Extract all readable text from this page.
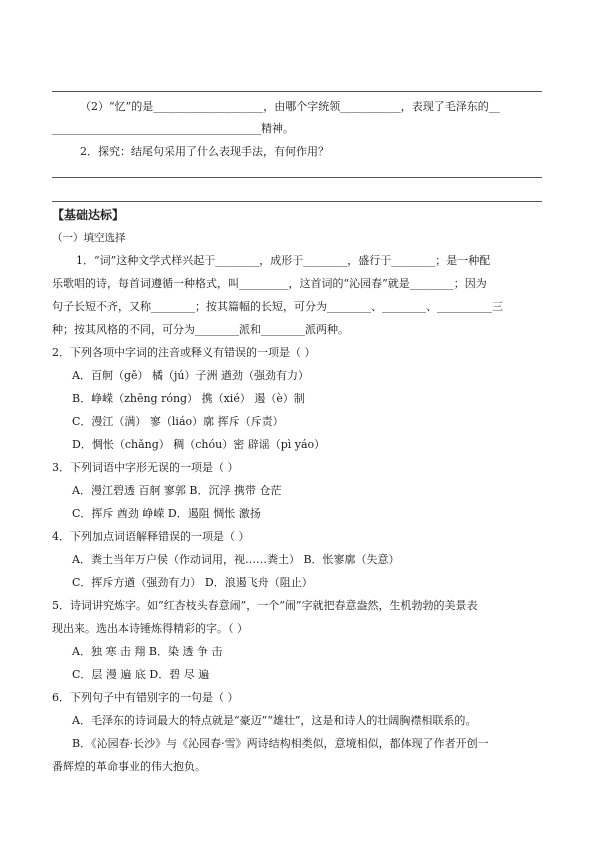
（2）“忆”的是____________________，由哪个字统领___________，表现了毛泽东的__
______________________________________精神。
2．探究：结尾句采用了什么表现手法，有何作用？
【基础达标】
（一）填空选择
1．“词”这种文学式样兴起于________，成形于________，盛行于________；是一种配
乐歌唱的诗，每首词遵循一种格式，叫_________，这首词的“沁园春”就是________；因为
句子长短不齐，又称________；按其篇幅的长短，可分为________、________、__________三
种；按其风格的不同，可分为________派和________派两种。
2．下列各项中字词的注音或释义有错误的一项是（ ）
A．百舸（gě） 橘（jú）子洲 遒劲（强劲有力）
B．峥嵘（zhēng róng） 携（xié） 遏（è）制
C．漫江（满） 寥（liáo）廓 挥斥（斥责）
D．惆怅（chǎng） 稠（chóu）密 辟谣（pì yáo）
3．下列词语中字形无误的一项是（ ）
A．漫江碧透 百舸 寥郭 B．沉浮 携带 仓茫
C．挥斥 酋劲 峥嵘 D．遏阻 惆怅 激扬
4．下列加点词语解释错误的一项是（ ）
A．粪土当年万户侯（作动词用，视……粪土） B．怅寥廓（失意）
C．挥斥方遒（强劲有力） D．浪遏飞舟（阻止）
5．诗词讲究炼字。如“红杏枝头春意闹”，一个“闹”字就把春意盎然，生机勃勃的美景表
现出来。选出本诗锤炼得精彩的字。（ ）
A．独 寒 击 翔 B．染 透 争 击
C．层 漫 遍 底 D．碧 尽 遍
6．下列句子中有错别字的一句是（ ）
A．毛泽东的诗词最大的特点就是“豪迈”“雄壮”，这是和诗人的壮阔胸襟相联系的。
B．《沁园春·长沙》与《沁园春·雪》两诗结构相类似，意境相似，都体现了作者开创一
番辉煌的革命事业的伟大抱负。
